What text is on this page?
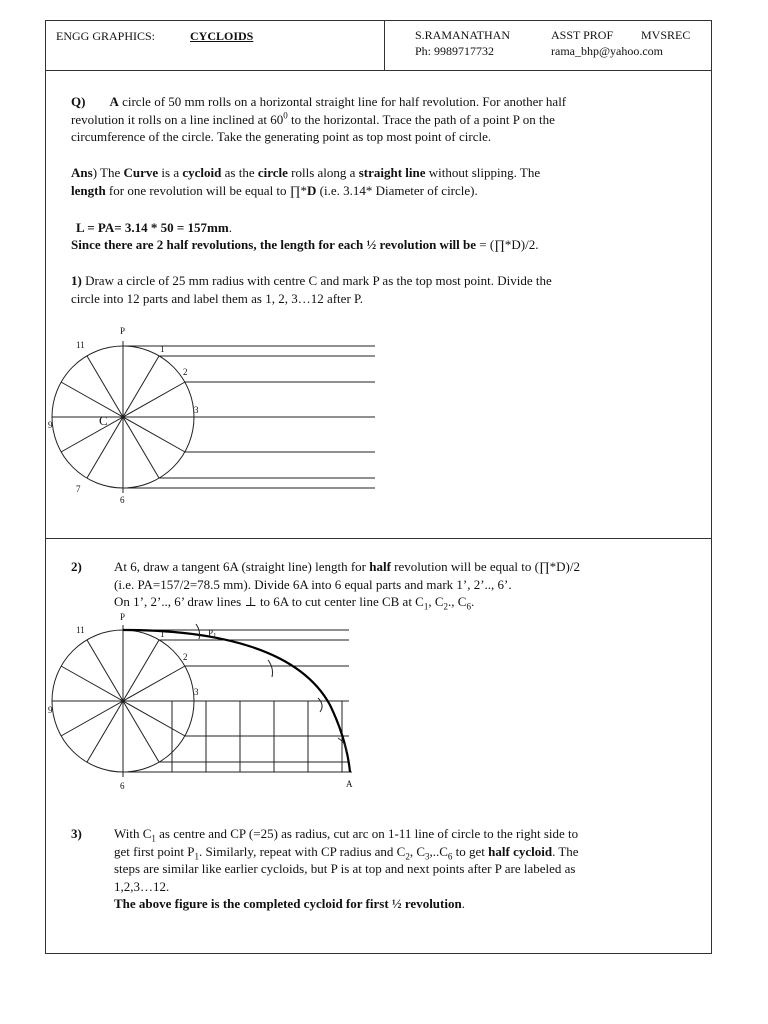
ENGG GRAPHICS:	CYCLOIDS	S.RAMANATHAN	ASST PROF MVSREC
Ph: 9989717732	rama_bhp@yahoo.com
Q) A circle of 50 mm rolls on a horizontal straight line for half revolution. For another half
revolution it rolls on a line inclined at $60^0$ to the horizontal. Trace the path of a point P on the
circumference of the circle. Take the generating point as top most point of circle.
Ans) The Curve is a cycloid as the circle rolls along a straight line without slipping. The
length for one revolution will be equal to ∏*D (i.e. 3.14* Diameter of circle).
L = PA= 3.14 * 50 = 157mm.
Since there are 2 half revolutions, the length for each ½ revolution will be = (∏*D)/2.
1) Draw a circle of 25 mm radius with centre C and mark P as the top most point. Divide the
circle into 12 parts and label them as 1, 2, 3…12 after P.
P
1
2
3
6
7
9
11
C
2) At 6, draw a tangent 6A (straight line) length for half revolution will be equal to (∏*D)/2
(i.e. PA=157/2=78.5 mm). Divide 6A into 6 equal parts and mark 1’, 2’.., 6’.
On 1’, 2’.., 6’ draw lines ⊥ to 6A to cut center line CB at $C_1$, $C_2$., $C_6$.
P
$P_1$
1
2
3
6
9
11
A
3) With $C_1$ as centre and CP (=25) as radius, cut arc on 1-11 line of circle to the right side to
get first point $P_1$. Similarly, repeat with CP radius and $C_2$, $C_3,..C_6$ to get half cycloid. The
steps are similar like earlier cycloids, but P is at top and next points after P are labeled as
1,2,3…12.
The above figure is the completed cycloid for first ½ revolution.
